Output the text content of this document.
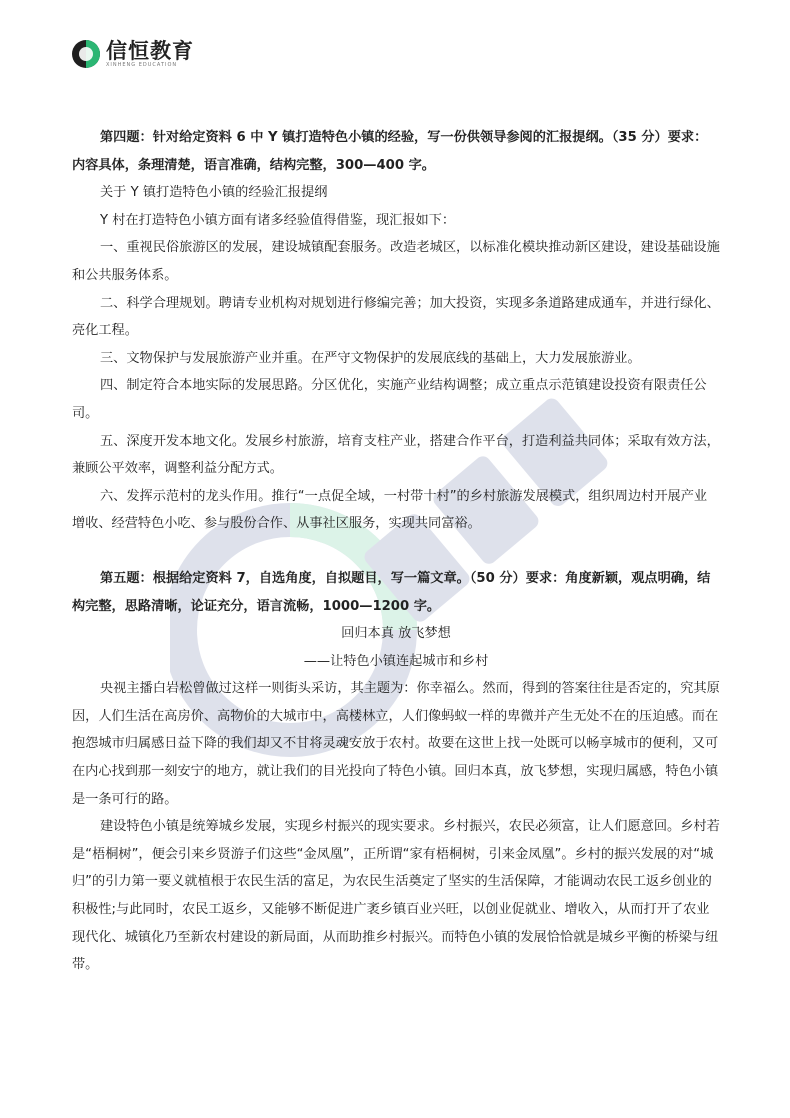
信恒教育
XINHENG EDUCATION

第四题：针对给定资料 6 中 Y 镇打造特色小镇的经验，写一份供领导参阅的汇报提纲。（35 分）要求：内容具体，条理清楚，语言准确，结构完整，300—400 字。

关于 Y 镇打造特色小镇的经验汇报提纲

Y 村在打造特色小镇方面有诸多经验值得借鉴，现汇报如下：

一、重视民俗旅游区的发展，建设城镇配套服务。改造老城区，以标准化模块推动新区建设，建设基础设施和公共服务体系。

二、科学合理规划。聘请专业机构对规划进行修编完善；加大投资，实现多条道路建成通车，并进行绿化、亮化工程。

三、文物保护与发展旅游产业并重。在严守文物保护的发展底线的基础上，大力发展旅游业。

四、制定符合本地实际的发展思路。分区优化，实施产业结构调整；成立重点示范镇建设投资有限责任公司。

五、深度开发本地文化。发展乡村旅游，培育支柱产业，搭建合作平台，打造利益共同体；采取有效方法，兼顾公平效率，调整利益分配方式。

六、发挥示范村的龙头作用。推行“一点促全域，一村带十村”的乡村旅游发展模式，组织周边村开展产业增收、经营特色小吃、参与股份合作、从事社区服务，实现共同富裕。

第五题：根据给定资料 7，自选角度，自拟题目，写一篇文章。（50 分）要求：角度新颖，观点明确，结构完整，思路清晰，论证充分，语言流畅，1000—1200 字。

回归本真 放飞梦想

——让特色小镇连起城市和乡村

央视主播白岩松曾做过这样一则街头采访，其主题为：你幸福么。然而，得到的答案往往是否定的，究其原因，人们生活在高房价、高物价的大城市中，高楼林立，人们像蚂蚁一样的卑微并产生无处不在的压迫感。而在抱怨城市归属感日益下降的我们却又不甘将灵魂安放于农村。故要在这世上找一处既可以畅享城市的便利，又可在内心找到那一刻安宁的地方，就让我们的目光投向了特色小镇。回归本真，放飞梦想，实现归属感，特色小镇是一条可行的路。

建设特色小镇是统筹城乡发展，实现乡村振兴的现实要求。乡村振兴，农民必须富，让人们愿意回。乡村若是“梧桐树”，便会引来乡贤游子们这些“金凤凰”，正所谓“家有梧桐树，引来金凤凰”。乡村的振兴发展的对“城归”的引力第一要义就植根于农民生活的富足，为农民生活奠定了坚实的生活保障，才能调动农民工返乡创业的积极性;与此同时，农民工返乡，又能够不断促进广袤乡镇百业兴旺，以创业促就业、增收入，从而打开了农业现代化、城镇化乃至新农村建设的新局面，从而助推乡村振兴。而特色小镇的发展恰恰就是城乡平衡的桥梁与纽带。
